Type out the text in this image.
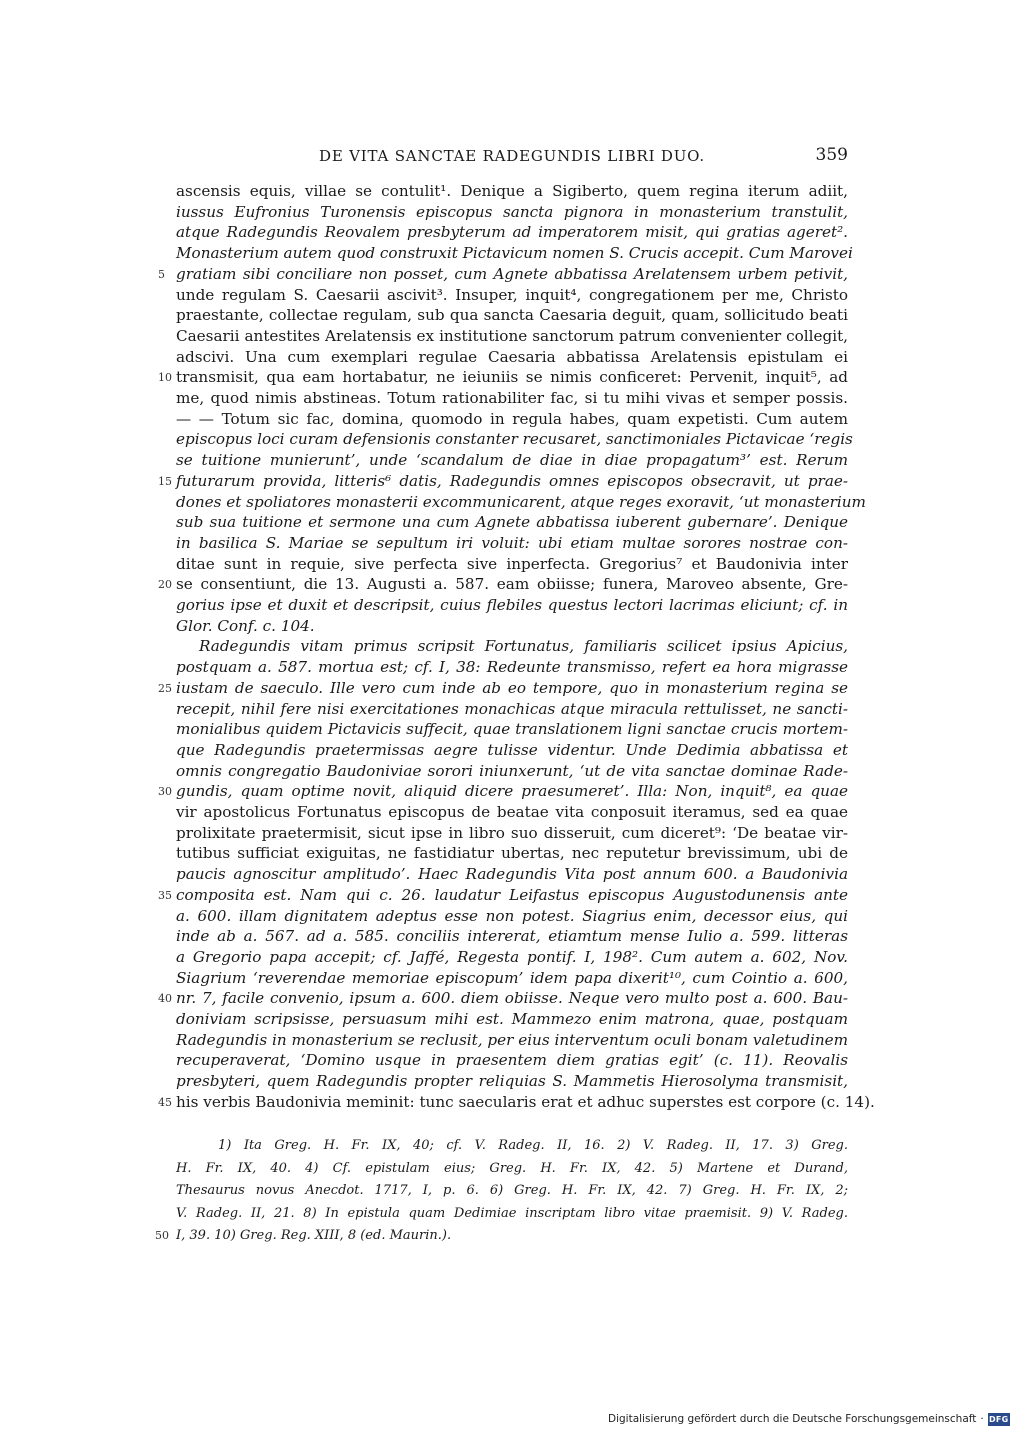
DE VITA SANCTAE RADEGUNDIS LIBRI DUO.	359
ascensis equis, villae se contulit¹. Denique a Sigiberto, quem regina iterum adiit,
iussus Eufronius Turonensis episcopus sancta pignora in monasterium transtulit,
atque Radegundis Reovalem presbyterum ad imperatorem misit, qui gratias ageret².
Monasterium autem quod construxit Pictavicum nomen S. Crucis accepit. Cum Marovei
gratiam sibi conciliare non posset, cum Agnete abbatissa Arelatensem urbem petivit,
5
unde regulam S. Caesarii ascivit³. Insuper, inquit⁴, congregationem per me, Christo
praestante, collectae regulam, sub qua sancta Caesaria deguit, quam, sollicitudo beati
Caesarii antestites Arelatensis ex institutione sanctorum patrum convenienter collegit,
adscivi. Una cum exemplari regulae Caesaria abbatissa Arelatensis epistulam ei
transmisit, qua eam hortabatur, ne ieiuniis se nimis conficeret: Pervenit, inquit⁵, ad
10
me, quod nimis abstineas. Totum rationabiliter fac, si tu mihi vivas et semper possis.
— — Totum sic fac, domina, quomodo in regula habes, quam expetisti. Cum autem
episcopus loci curam defensionis constanter recusaret, sanctimoniales Pictavicae ‘regis
se tuitione munierunt’, unde ‘scandalum de diae in diae propagatum³’ est. Rerum
futurarum provida, litteris⁶ datis, Radegundis omnes episcopos obsecravit, ut prae-
15
dones et spoliatores monasterii excommunicarent, atque reges exoravit, ‘ut monasterium
sub sua tuitione et sermone una cum Agnete abbatissa iuberent gubernare’. Denique
in basilica S. Mariae se sepultum iri voluit: ubi etiam multae sorores nostrae con-
ditae sunt in requie, sive perfecta sive inperfecta. Gregorius⁷ et Baudonivia inter
se consentiunt, die 13. Augusti a. 587. eam obiisse; funera, Maroveo absente, Gre-
20
gorius ipse et duxit et descripsit, cuius flebiles questus lectori lacrimas eliciunt; cf. in
Glor. Conf. c. 104.
Radegundis vitam primus scripsit Fortunatus, familiaris scilicet ipsius Apicius,
postquam a. 587. mortua est; cf. I, 38: Redeunte transmisso, refert ea hora migrasse
iustam de saeculo. Ille vero cum inde ab eo tempore, quo in monasterium regina se
25
recepit, nihil fere nisi exercitationes monachicas atque miracula rettulisset, ne sancti-
monialibus quidem Pictavicis suffecit, quae translationem ligni sanctae crucis mortem-
que Radegundis praetermissas aegre tulisse videntur. Unde Dedimia abbatissa et
omnis congregatio Baudoniviae sorori iniunxerunt, ‘ut de vita sanctae dominae Rade-
gundis, quam optime novit, aliquid dicere praesumeret’. Illa: Non, inquit⁸, ea quae
30
vir apostolicus Fortunatus episcopus de beatae vita conposuit iteramus, sed ea quae
prolixitate praetermisit, sicut ipse in libro suo disseruit, cum diceret⁹: ‘De beatae vir-
tutibus sufficiat exiguitas, ne fastidiatur ubertas, nec reputetur brevissimum, ubi de
paucis agnoscitur amplitudo’. Haec Radegundis Vita post annum 600. a Baudonivia
composita est. Nam qui c. 26. laudatur Leifastus episcopus Augustodunensis ante
35
a. 600. illam dignitatem adeptus esse non potest. Siagrius enim, decessor eius, qui
inde ab a. 567. ad a. 585. conciliis intererat, etiamtum mense Iulio a. 599. litteras
a Gregorio papa accepit; cf. Jaffé, Regesta pontif. I, 198². Cum autem a. 602, Nov.
Siagrium ‘reverendae memoriae episcopum’ idem papa dixerit¹⁰, cum Cointio a. 600,
nr. 7, facile convenio, ipsum a. 600. diem obiisse. Neque vero multo post a. 600. Bau-
40
doniviam scripsisse, persuasum mihi est. Mammezo enim matrona, quae, postquam
Radegundis in monasterium se reclusit, per eius interventum oculi bonam valetudinem
recuperaverat, ‘Domino usque in praesentem diem gratias egit’ (c. 11). Reovalis
presbyteri, quem Radegundis propter reliquias S. Mammetis Hierosolyma transmisit,
his verbis Baudonivia meminit: tunc saecularis erat et adhuc superstes est corpore (c. 14).
45
1) Ita Greg. H. Fr. IX, 40; cf. V. Radeg. II, 16. 2) V. Radeg. II, 17. 3) Greg.
H. Fr. IX, 40. 4) Cf. epistulam eius; Greg. H. Fr. IX, 42. 5) Martene et Durand,
Thesaurus novus Anecdot. 1717, I, p. 6. 6) Greg. H. Fr. IX, 42. 7) Greg. H. Fr. IX, 2;
V. Radeg. II, 21. 8) In epistula quam Dedimiae inscriptam libro vitae praemisit. 9) V. Radeg.
I, 39. 10) Greg. Reg. XIII, 8 (ed. Maurin.).
50
Digitalisierung gefördert durch die Deutsche Forschungsgemeinschaft · DFG
